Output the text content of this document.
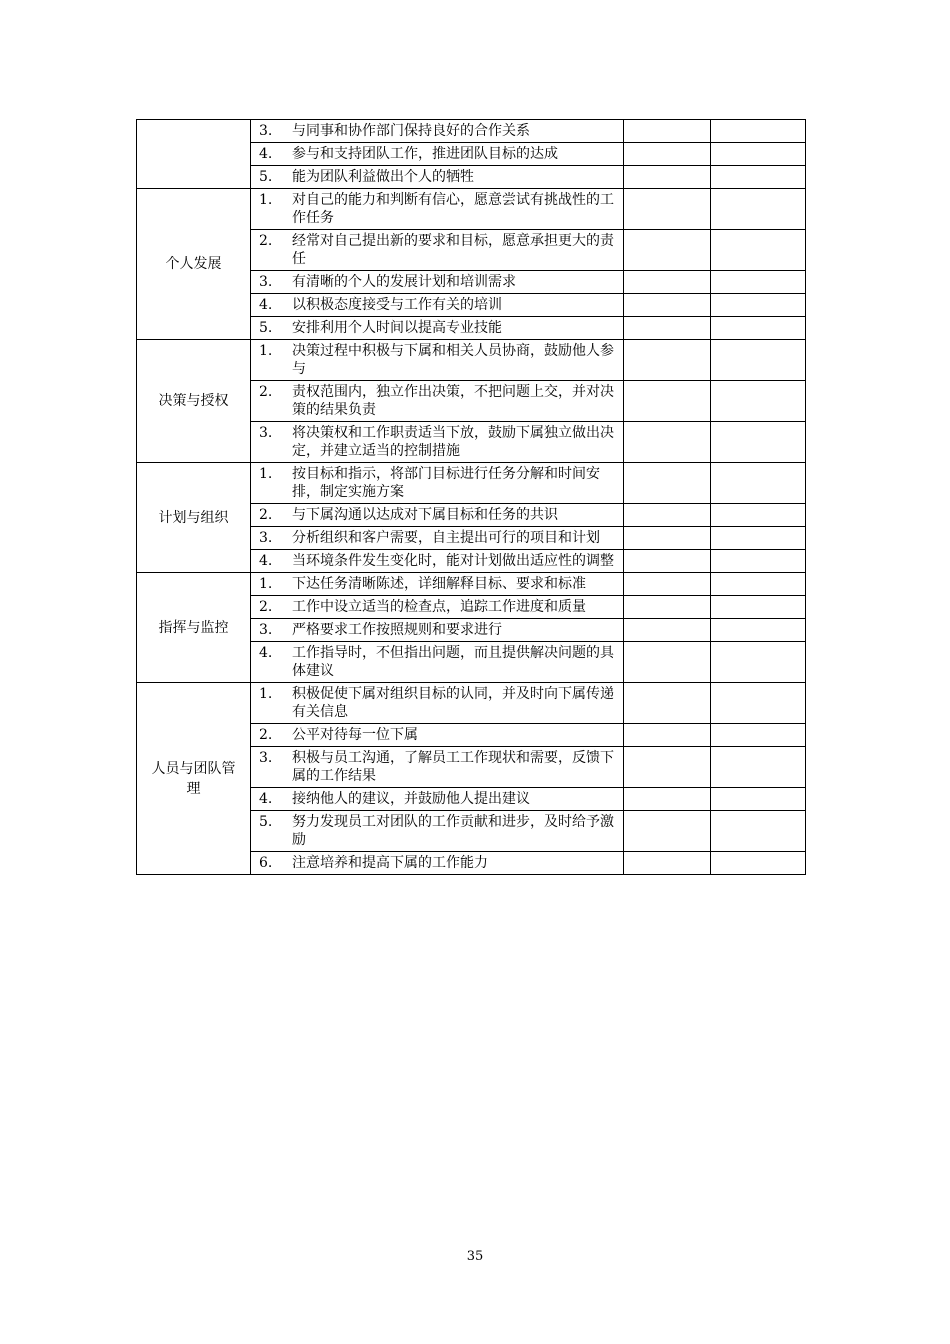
	3. 与同事和协作部门保持良好的合作关系		

	4. 参与和支持团队工作，推进团队目标的达成		

	5. 能为团队利益做出个人的牺牲		

个人发展	1. 对自己的能力和判断有信心，愿意尝试有挑战性的工作任务		

	2. 经常对自己提出新的要求和目标，愿意承担更大的责任		

	3. 有清晰的个人的发展计划和培训需求		

	4. 以积极态度接受与工作有关的培训		

	5. 安排利用个人时间以提高专业技能		

决策与授权	1. 决策过程中积极与下属和相关人员协商，鼓励他人参与		

	2. 责权范围内，独立作出决策，不把问题上交，并对决策的结果负责		

	3. 将决策权和工作职责适当下放，鼓励下属独立做出决定，并建立适当的控制措施		

计划与组织	1. 按目标和指示，将部门目标进行任务分解和时间安排，制定实施方案		

	2. 与下属沟通以达成对下属目标和任务的共识		

	3. 分析组织和客户需要，自主提出可行的项目和计划		

	4. 当环境条件发生变化时，能对计划做出适应性的调整		

指挥与监控	1. 下达任务清晰陈述，详细解释目标、要求和标准		

	2. 工作中设立适当的检查点，追踪工作进度和质量		

	3. 严格要求工作按照规则和要求进行		

	4. 工作指导时，不但指出问题，而且提供解决问题的具体建议		

人员与团队管理	1. 积极促使下属对组织目标的认同，并及时向下属传递有关信息		

	2. 公平对待每一位下属		

	3. 积极与员工沟通，了解员工工作现状和需要，反馈下属的工作结果		

	4. 接纳他人的建议，并鼓励他人提出建议		

	5. 努力发现员工对团队的工作贡献和进步，及时给予激励		

	6. 注意培养和提高下属的工作能力		

35
